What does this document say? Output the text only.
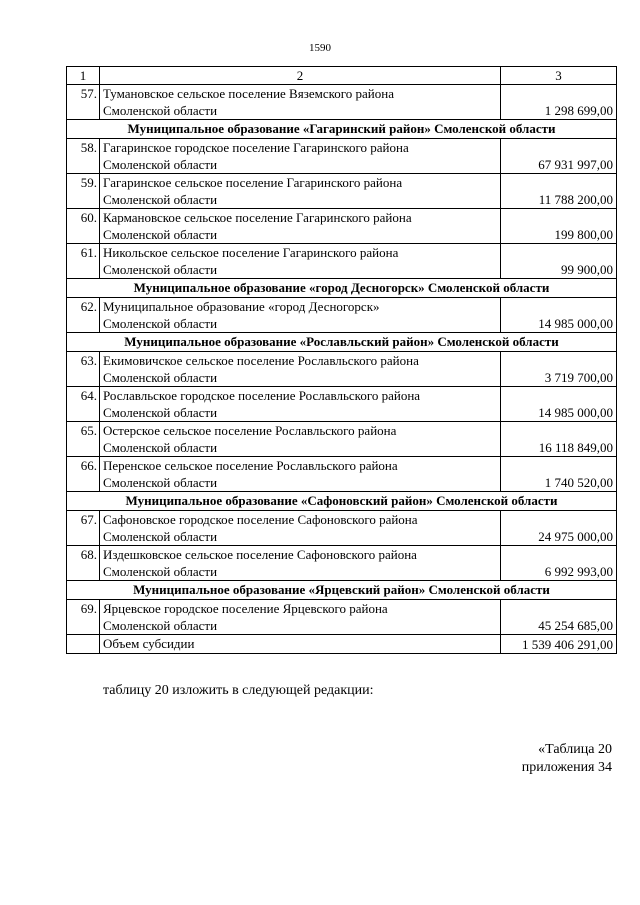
1590
1	2	3
57.	Тумановское сельское поселение Вяземского района
Смоленской области	1 298 699,00
Муниципальное образование «Гагаринский район» Смоленской области		
58.	Гагаринское городское поселение Гагаринского района
Смоленской области	67 931 997,00
59.	Гагаринское сельское поселение Гагаринского района
Смоленской области	11 788 200,00
60.	Кармановское сельское поселение Гагаринского района
Смоленской области	199 800,00
61.	Никольское сельское поселение Гагаринского района
Смоленской области	99 900,00
Муниципальное образование «город Десногорск» Смоленской области		
62.	Муниципальное образование «город Десногорск»
Смоленской области	14 985 000,00
Муниципальное образование «Рославльский район» Смоленской области		
63.	Екимовичское сельское поселение Рославльского района
Смоленской области	3 719 700,00
64.	Рославльское городское поселение Рославльского района
Смоленской области	14 985 000,00
65.	Остерское сельское поселение Рославльского района
Смоленской области	16 118 849,00
66.	Перенское сельское поселение Рославльского района
Смоленской области	1 740 520,00
Муниципальное образование «Сафоновский район» Смоленской области		
67.	Сафоновское городское поселение Сафоновского района
Смоленской области	24 975 000,00
68.	Издешковское сельское поселение Сафоновского района
Смоленской области	6 992 993,00
Муниципальное образование «Ярцевский район» Смоленской области		
69.	Ярцевское городское поселение Ярцевского района
Смоленской области	45 254 685,00
	Объем субсидии	1 539 406 291,00
таблицу 20 изложить в следующей редакции:
«Таблица 20
приложения 34
